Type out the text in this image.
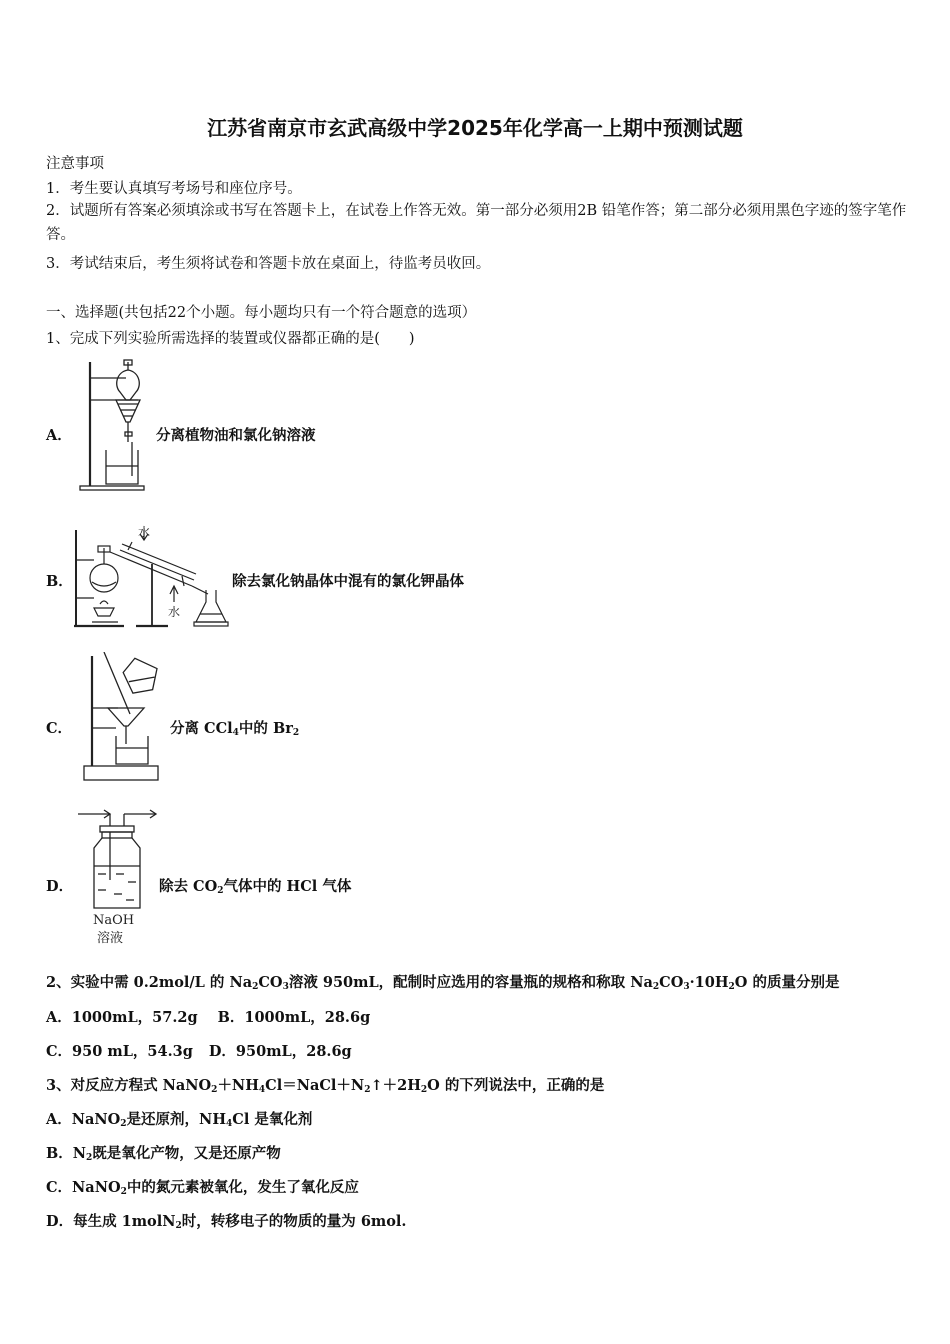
江苏省南京市玄武高级中学2025年化学高一上期中预测试题
注意事项
1．考生要认真填写考场号和座位序号。
2．试题所有答案必须填涂或书写在答题卡上，在试卷上作答无效。第一部分必须用2B 铅笔作答；第二部分必须用黑色字迹的签字笔作答。
3．考试结束后，考生须将试卷和答题卡放在桌面上，待监考员收回。
一、选择题(共包括22个小题。每小题均只有一个符合题意的选项）
1、完成下列实验所需选择的装置或仪器都正确的是(　　)
A．	分离植物油和氯化钠溶液
B．
水
水
除去氯化钠晶体中混有的氯化钾晶体
C．	分离 CCl$_4$中的 $Br_2$
D．
NaOH
溶液
除去 $CO_2$气体中的 HCl 气体
2、实验中需 0.2mol/L 的 $Na_2CO_3$溶液 950mL，配制时应选用的容量瓶的规格和称取 $Na_2CO_3\cdot 10H_2O$ 的质量分别是
A．1000mL，57.2g B．1000mL，28.6g
C．950 mL，54.3g D．950mL，28.6g
3、对反应方程式 $NaNO_2+NH_4Cl=NaCl+N_2↑+2H_2O$ 的下列说法中，正确的是
A．NaNO$_2$是还原剂，$NH_4Cl$ 是氧化剂
B．$N_2$既是氧化产物，又是还原产物
C．NaNO$_2$中的氮元素被氧化，发生了氧化反应
D．每生成 1molN$_2$时，转移电子的物质的量为 6mol.
